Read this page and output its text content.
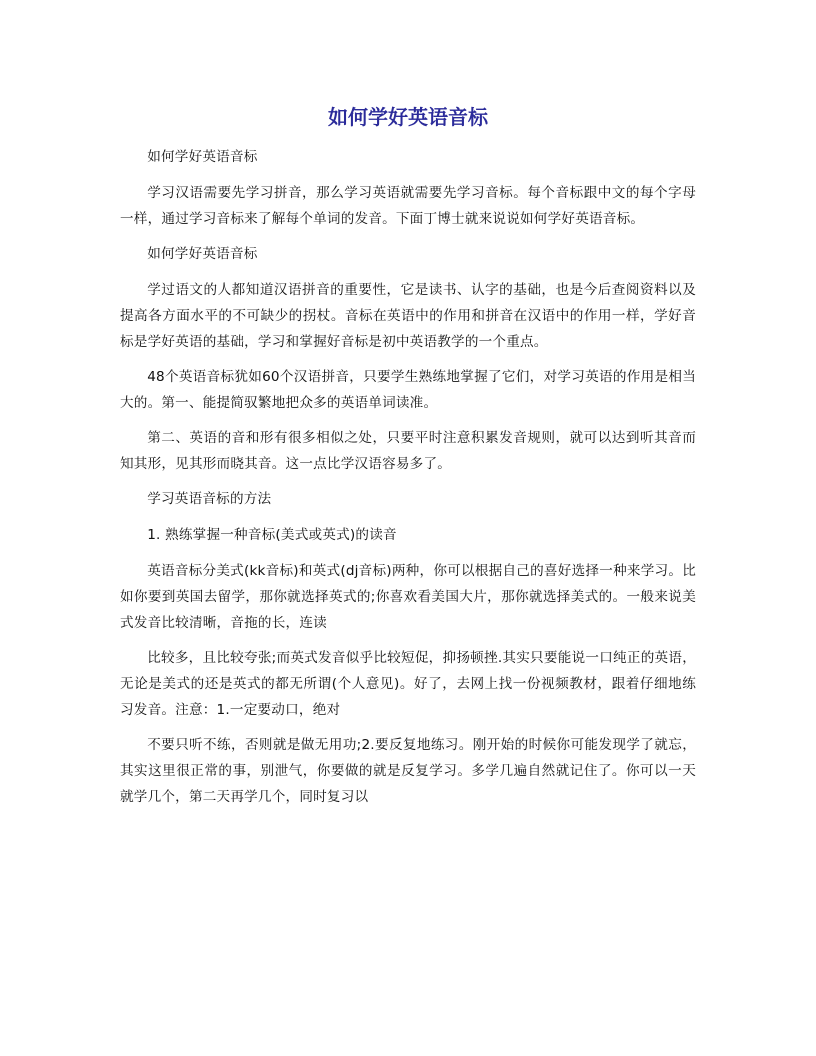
如何学好英语音标

如何学好英语音标

学习汉语需要先学习拼音，那么学习英语就需要先学习音标。每个音标跟中文的每个字母一样，通过学习音标来了解每个单词的发音。下面丁博士就来说说如何学好英语音标。

如何学好英语音标

学过语文的人都知道汉语拼音的重要性，它是读书、认字的基础，也是今后查阅资料以及提高各方面水平的不可缺少的拐杖。音标在英语中的作用和拼音在汉语中的作用一样，学好音标是学好英语的基础，学习和掌握好音标是初中英语教学的一个重点。

48个英语音标犹如60个汉语拼音，只要学生熟练地掌握了它们，对学习英语的作用是相当大的。第一、能提简驭繁地把众多的英语单词读准。

第二、英语的音和形有很多相似之处，只要平时注意积累发音规则，就可以达到听其音而知其形，见其形而晓其音。这一点比学汉语容易多了。

学习英语音标的方法

1. 熟练掌握一种音标(美式或英式)的读音

英语音标分美式(kk音标)和英式(dj音标)两种，你可以根据自己的喜好选择一种来学习。比如你要到英国去留学，那你就选择英式的;你喜欢看美国大片，那你就选择美式的。一般来说美式发音比较清晰，音拖的长，连读

比较多，且比较夸张;而英式发音似乎比较短促，抑扬顿挫.其实只要能说一口纯正的英语，无论是美式的还是英式的都无所谓(个人意见)。好了，去网上找一份视频教材，跟着仔细地练习发音。注意：1.一定要动口，绝对

不要只听不练，否则就是做无用功;2.要反复地练习。刚开始的时候你可能发现学了就忘，其实这里很正常的事，别泄气，你要做的就是反复学习。多学几遍自然就记住了。你可以一天就学几个，第二天再学几个，同时复习以
